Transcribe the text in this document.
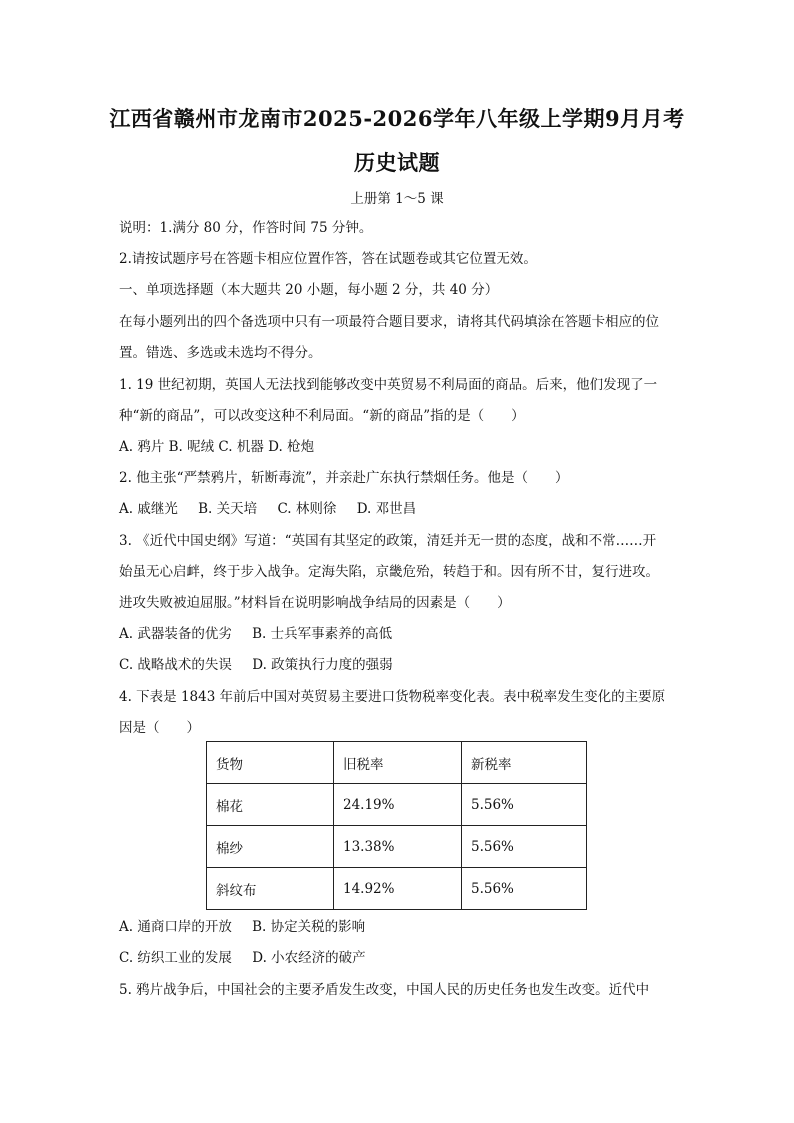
江西省赣州市龙南市2025-2026学年八年级上学期9月月考
历史试题
上册第 1～5 课
说明：1.满分 80 分，作答时间 75 分钟。
2.请按试题序号在答题卡相应位置作答，答在试题卷或其它位置无效。
一、单项选择题（本大题共 20 小题，每小题 2 分，共 40 分）
在每小题列出的四个备选项中只有一项最符合题目要求，请将其代码填涂在答题卡相应的位
置。错选、多选或未选均不得分。
1. 19 世纪初期，英国人无法找到能够改变中英贸易不利局面的商品。后来，他们发现了一
种“新的商品”，可以改变这种不利局面。“新的商品”指的是（　　）
A. 鸦片 B. 呢绒 C. 机器 D. 枪炮
2. 他主张“严禁鸦片，斩断毒流”，并亲赴广东执行禁烟任务。他是（　　）
A. 戚继光 B. 关天培 C. 林则徐 D. 邓世昌
3. 《近代中国史纲》写道：“英国有其坚定的政策，清廷并无一贯的态度，战和不常……开
始虽无心启衅，终于步入战争。定海失陷，京畿危殆，转趋于和。因有所不甘，复行进攻。
进攻失败被迫屈服。”材料旨在说明影响战争结局的因素是（　　）
A. 武器装备的优劣 B. 士兵军事素养的高低
C. 战略战术的失误 D. 政策执行力度的强弱
4. 下表是 1843 年前后中国对英贸易主要进口货物税率变化表。表中税率发生变化的主要原
因是（　　）
货物	旧税率	新税率
棉花	24.19%	5.56%
棉纱	13.38%	5.56%
斜纹布	14.92%	5.56%
A. 通商口岸的开放 B. 协定关税的影响
C. 纺织工业的发展 D. 小农经济的破产
5. 鸦片战争后，中国社会的主要矛盾发生改变，中国人民的历史任务也发生改变。近代中
